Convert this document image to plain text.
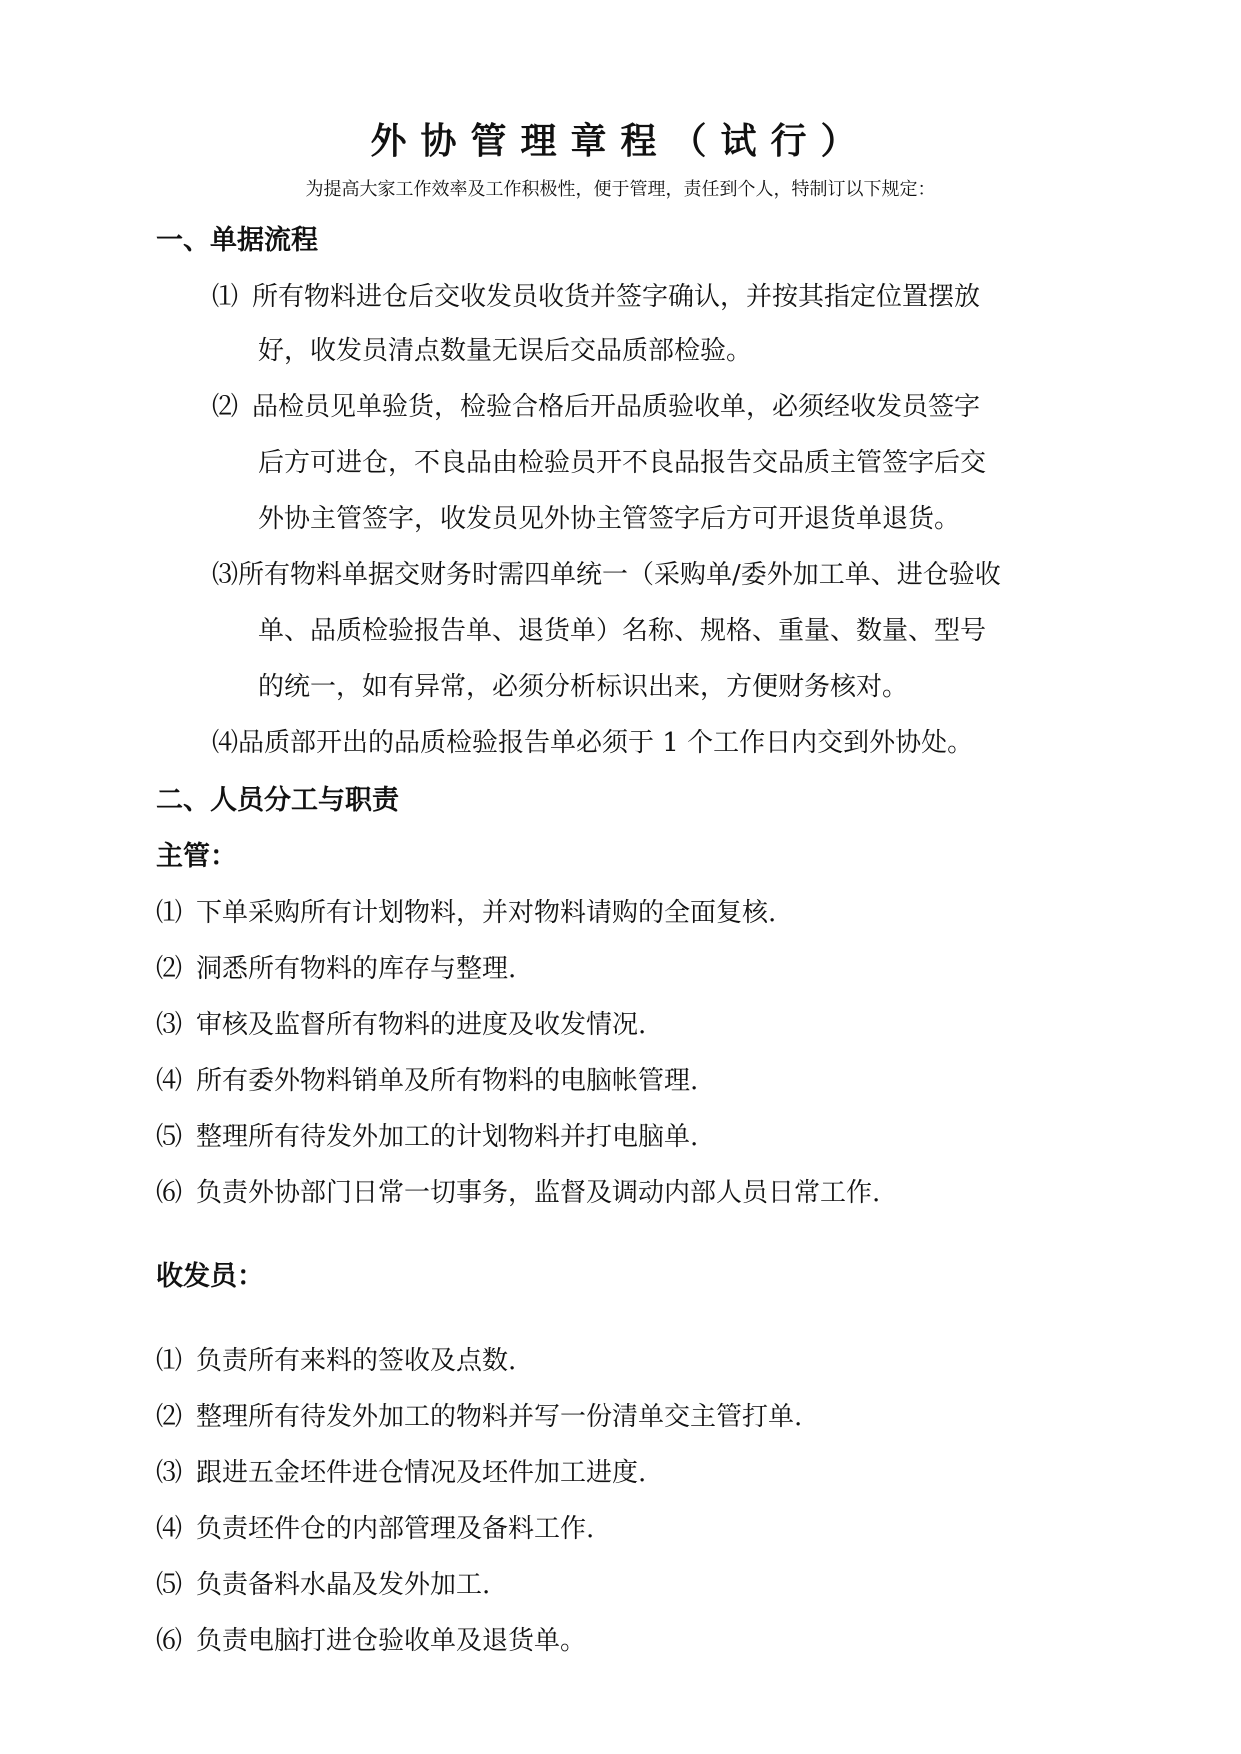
外协管理章程（试行）
为提高大家工作效率及工作积极性，便于管理，责任到个人，特制订以下规定：
一、单据流程
⑴ 所有物料进仓后交收发员收货并签字确认，并按其指定位置摆放
好，收发员清点数量无误后交品质部检验。
⑵ 品检员见单验货，检验合格后开品质验收单，必须经收发员签字
后方可进仓，不良品由检验员开不良品报告交品质主管签字后交
外协主管签字，收发员见外协主管签字后方可开退货单退货。
⑶所有物料单据交财务时需四单统一（采购单/委外加工单、进仓验收
单、品质检验报告单、退货单）名称、规格、重量、数量、型号
的统一，如有异常，必须分析标识出来，方便财务核对。
⑷品质部开出的品质检验报告单必须于 1 个工作日内交到外协处。
二、人员分工与职责
主管：
⑴ 下单采购所有计划物料，并对物料请购的全面复核.
⑵ 洞悉所有物料的库存与整理.
⑶ 审核及监督所有物料的进度及收发情况.
⑷ 所有委外物料销单及所有物料的电脑帐管理.
⑸ 整理所有待发外加工的计划物料并打电脑单.
⑹ 负责外协部门日常一切事务，监督及调动内部人员日常工作.
收发员：
⑴ 负责所有来料的签收及点数.
⑵ 整理所有待发外加工的物料并写一份清单交主管打单.
⑶ 跟进五金坯件进仓情况及坯件加工进度.
⑷ 负责坯件仓的内部管理及备料工作.
⑸ 负责备料水晶及发外加工.
⑹ 负责电脑打进仓验收单及退货单。
